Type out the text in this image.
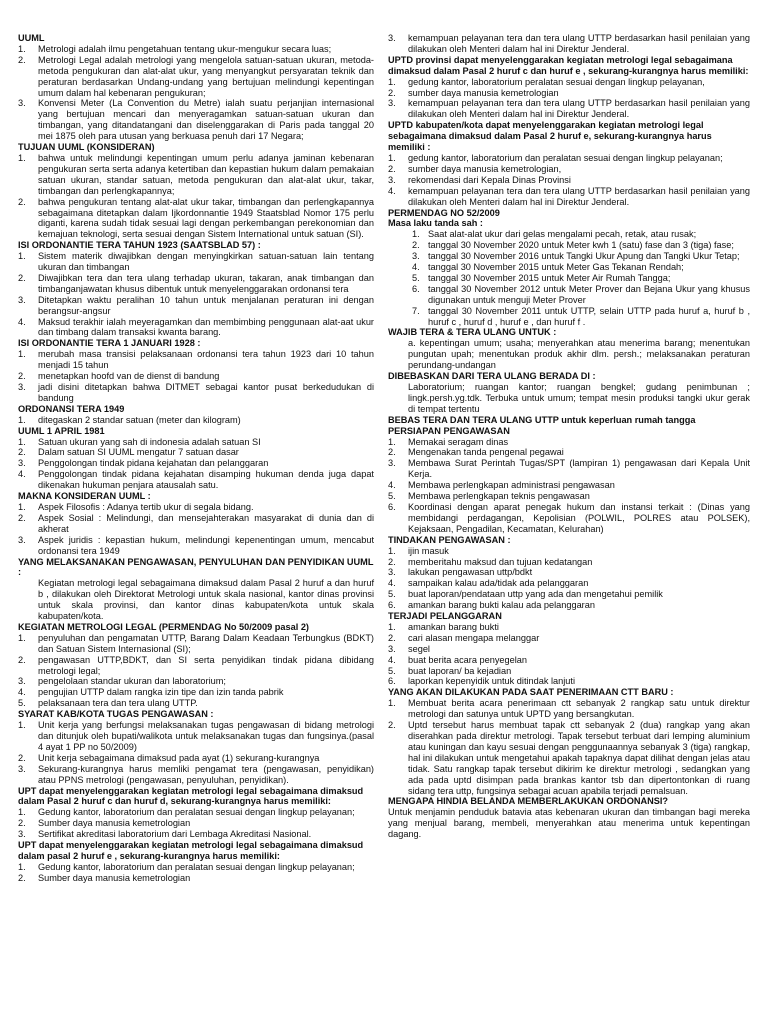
UUML

1.	Metrologi adalah ilmu pengetahuan tentang ukur-mengukur secara luas;
2.	Metrologi Legal adalah metrologi yang mengelola satuan-satuan ukuran, metoda-metoda pengukuran dan alat-alat ukur, yang menyangkut persyaratan teknik dan peraturan berdasarkan Undang-undang yang bertujuan melindungi kepentingan umum dalam hal kebenaran pengukuran;
3.	Konvensi Meter (La Convention du Metre) ialah suatu perjanjian internasional yang bertujuan mencari dan menyeragamkan satuan-satuan ukuran dan timbangan, yang ditandatangani dan diselenggarakan di Paris pada tanggal 20 mei 1875 oleh para utusan yang berkuasa penuh dari 17 Negara;

TUJUAN UUML (KONSIDERAN)

1.	bahwa untuk melindungi kepentingan umum perlu adanya jaminan kebenaran pengukuran serta serta adanya ketertiban dan kepastian hukum dalam pemakaian satuan ukuran, standar satuan, metoda pengukuran dan alat-alat ukur, takar, timbangan dan perlengkapannya;
2.	bahwa pengukuran tentang alat-alat ukur takar, timbangan dan perlengkapannya sebagaimana ditetapkan dalam Ijkordonnantie 1949 Staatsblad Nomor 175 perlu diganti, karena sudah tidak sesuai lagi dengan perkembangan perekonomian dan kemajuan teknologi, serta sesuai dengan Sistem International untuk satuan (SI).

ISI ORDONANTIE TERA TAHUN 1923 (SAATSBLAD 57) :

1.	Sistem materik diwajibkan dengan menyingkirkan satuan-satuan lain tentang ukuran dan timbangan
2.	Diwajibkan tera dan tera ulang terhadap ukuran, takaran, anak timbangan dan timbanganjawatan khusus dibentuk untuk menyelenggarakan ordonansi tera
3.	Ditetapkan waktu peralihan 10 tahun untuk menjalanan peraturan ini dengan berangsur-angsur
4.	Maksud terakhir ialah meyeragamkan dan membimbing penggunaan alat-aat ukur dan timbang dalam transaksi kwanta barang.

ISI ORDONANTIE TERA 1 JANUARI 1928 :

1.	merubah masa transisi pelaksanaan ordonansi tera tahun 1923 dari 10 tahun menjadi 15 tahun
2.	menetapkan hoofd van de dienst di bandung
3.	jadi disini ditetapkan bahwa DITMET sebagai kantor pusat berkedudukan di bandung

ORDONANSI TERA 1949

1.	ditegaskan 2 standar satuan (meter dan kilogram)

UUML 1 APRIL 1981

1.	Satuan ukuran yang sah di indonesia adalah satuan SI
2.	Dalam satuan SI UUML mengatur 7 satuan dasar
3.	Penggolongan tindak pidana kejahatan dan pelanggaran
4.	Penggolongan tindak pidana kejahatan disamping hukuman denda juga dapat dikenakan hukuman penjara atausalah satu.

MAKNA KONSIDERAN UUML :

1.	Aspek Filosofis : Adanya tertib ukur di segala bidang.
2.	Aspek Sosial : Melindungi, dan mensejahterakan masyarakat di dunia dan di akherat
3.	Aspek juridis : kepastian hukum, melindungi kepenentingan umum, mencabut ordonansi tera 1949

YANG MELAKSANAKAN PENGAWASAN, PENYULUHAN DAN PENYIDIKAN UUML :

Kegiatan metrologi legal sebagaimana dimaksud dalam Pasal 2 huruf a dan huruf b , dilakukan oleh Direktorat Metrologi untuk skala nasional, kantor dinas provinsi untuk skala provinsi, dan kantor dinas kabupaten/kota untuk skala kabupaten/kota.

KEGIATAN METROLOGI LEGAL (PERMENDAG No 50/2009 pasal 2)

1.	penyuluhan dan pengamatan UTTP, Barang Dalam Keadaan Terbungkus (BDKT) dan Satuan Sistem Internasional (SI);
2.	pengawasan UTTP,BDKT, dan SI serta penyidikan tindak pidana dibidang metrologi legal;
3.	pengelolaan standar ukuran dan laboratorium;
4.	pengujian UTTP dalam rangka izin tipe dan izin tanda pabrik
5.	pelaksanaan tera dan tera ulang UTTP.

SYARAT KAB/KOTA TUGAS PENGAWASAN :

1.	Unit kerja yang berfungsi melaksanakan tugas pengawasan di bidang metrologi dan ditunjuk oleh bupati/walikota untuk melaksanakan tugas dan fungsinya.(pasal 4 ayat 1 PP no 50/2009)
2.	Unit kerja sebagaimana dimaksud pada ayat (1) sekurang-kurangnya
3.	Sekurang-kurangnya harus memliki pengamat tera (pengawasan, penyidikan) atau PPNS metrologi (pengawasan, penyuluhan, penyidikan).

UPT dapat menyelenggarakan kegiatan metrologi legal sebagaimana dimaksud dalam Pasal 2 huruf c dan huruf d, sekurang-kurangnya harus memiliki:

1.	Gedung kantor, laboratorium dan peralatan sesuai dengan lingkup pelayanan;
2.	Sumber daya manusia kemetrologian
3.	Sertifikat akreditasi laboratorium dari Lembaga Akreditasi Nasional.

UPT dapat menyelenggarakan kegiatan metrologi legal sebagaimana dimaksud dalam pasal 2 huruf e , sekurang-kurangnya harus memiliki:

1.	Gedung kantor, laboratorium dan peralatan sesuai dengan lingkup pelayanan;
2.	Sumber daya manusia kemetrologian
3.	kemampuan pelayanan tera dan tera ulang UTTP berdasarkan hasil penilaian yang dilakukan oleh Menteri dalam hal ini Direktur Jenderal.

UPTD provinsi dapat menyelenggarakan kegiatan metrologi legal sebagaimana dimaksud dalam Pasal 2 huruf c dan huruf e , sekurang-kurangnya harus memiliki:

1.	gedung kantor, laboratorium peralatan sesuai dengan lingkup pelayanan,
2.	sumber daya manusia kemetrologian
3.	kemampuan pelayanan tera dan tera ulang UTTP berdasarkan hasil penilaian yang dilakukan oleh Menteri dalam hal ini Direktur Jenderal.

UPTD kabupaten/kota dapat menyelenggarakan kegiatan metrologi legal sebagaimana dimaksud dalam Pasal 2 huruf e, sekurang-kurangnya harus memiliki :

1.	gedung kantor, laboratorium dan peralatan sesuai dengan lingkup pelayanan;
2.	sumber daya manusia kemetrologian,
3.	rekomendasi dari Kepala Dinas Provinsi
4.	kemampuan pelayanan tera dan tera ulang UTTP berdasarkan hasil penilaian yang dilakukan oleh Menteri dalam hal ini Direktur Jenderal.

PERMENDAG NO 52/2009

Masa laku tanda sah :

1. Saat alat-alat ukur dari gelas mengalami pecah, retak, atau rusak;
2. tanggal 30 November 2020 untuk Meter kwh 1 (satu) fase dan 3 (tiga) fase;
3. tanggal 30 November 2016 untuk Tangki Ukur Apung dan Tangki Ukur Tetap;
4. tanggal 30 November 2015 untuk Meter Gas Tekanan Rendah;
5. tanggal 30 November 2015 untuk Meter Air Rumah Tangga;
6. tanggal 30 November 2012 untuk Meter Prover dan Bejana Ukur yang khusus digunakan untuk menguji Meter Prover
7. tanggal 30 November 2011 untuk UTTP, selain UTTP pada huruf a, huruf b , huruf c , huruf d , huruf e , dan huruf f .

WAJIB TERA & TERA ULANG UNTUK :

a. kepentingan umum; usaha; menyerahkan atau menerima barang; menentukan pungutan upah; menentukan produk akhir dlm. persh.; melaksanakan peraturan perundang-undangan

DIBEBASKAN DARI TERA ULANG BERADA DI :

Laboratorium; ruangan kantor; ruangan bengkel; gudang penimbunan ; lingk.persh.yg.tdk. Terbuka untuk umum; tempat mesin produksi tangki ukur gerak di tempat tertentu

BEBAS TERA DAN TERA ULANG UTTP untuk keperluan rumah tangga

PERSIAPAN PENGAWASAN

1.	Memakai seragam dinas
2.	Mengenakan tanda pengenal pegawai
3.	Membawa Surat Perintah Tugas/SPT (lampiran 1) pengawasan dari Kepala Unit Kerja.
4.	Membawa perlengkapan administrasi pengawasan
5.	Membawa perlengkapan teknis pengawasan
6.	Koordinasi dengan aparat penegak hukum dan instansi terkait : (Dinas yang membidangi perdagangan, Kepolisian (POLWIL, POLRES atau POLSEK), Kejaksaan, Pengadilan, Kecamatan, Kelurahan)

TINDAKAN PENGAWASAN :

1.	ijin masuk
2.	memberitahu maksud dan tujuan kedatangan
3.	lakukan pengawasan uttp/bdkt
4.	sampaikan kalau ada/tidak ada pelanggaran
5.	buat laporan/pendataan uttp yang ada dan mengetahui pemilik
6.	amankan barang bukti kalau ada pelanggaran

TERJADI PELANGGARAN

1.	amankan barang bukti
2.	cari alasan mengapa melanggar
3.	segel
4.	buat berita acara penyegelan
5.	buat laporan/ ba kejadian
6.	laporkan kepenyidik untuk ditindak lanjuti

YANG AKAN DILAKUKAN PADA SAAT PENERIMAAN CTT BARU :

1.	Membuat berita acara penerimaan ctt sebanyak 2 rangkap satu untuk direktur metrologi dan satunya untuk UPTD yang bersangkutan.
2.	Uptd tersebut harus membuat tapak ctt sebanyak 2 (dua) rangkap yang akan diserahkan pada direktur metrologi. Tapak tersebut terbuat dari lemping aluminium atau kuningan dan kayu sesuai dengan penggunaannya sebanyak 3 (tiga) rangkap, hal ini dilakukan untuk mengetahui apakah tapaknya dapat dilihat dengan jelas atau tidak. Satu rangkap tapak tersebut dikirim ke direktur metrologi , sedangkan yang ada pada uptd disimpan pada brankas kantor tsb dan dipertontonkan di ruang sidang tera uttp, fungsinya sebagai acuan apabila terjadi pemalsuan.

MENGAPA HINDIA BELANDA MEMBERLAKUKAN ORDONANSI?

Untuk menjamin penduduk batavia atas kebenaran ukuran dan timbangan bagi mereka yang menjual barang, membeli, menyerahkan atau menerima untuk kepentingan dagang.
